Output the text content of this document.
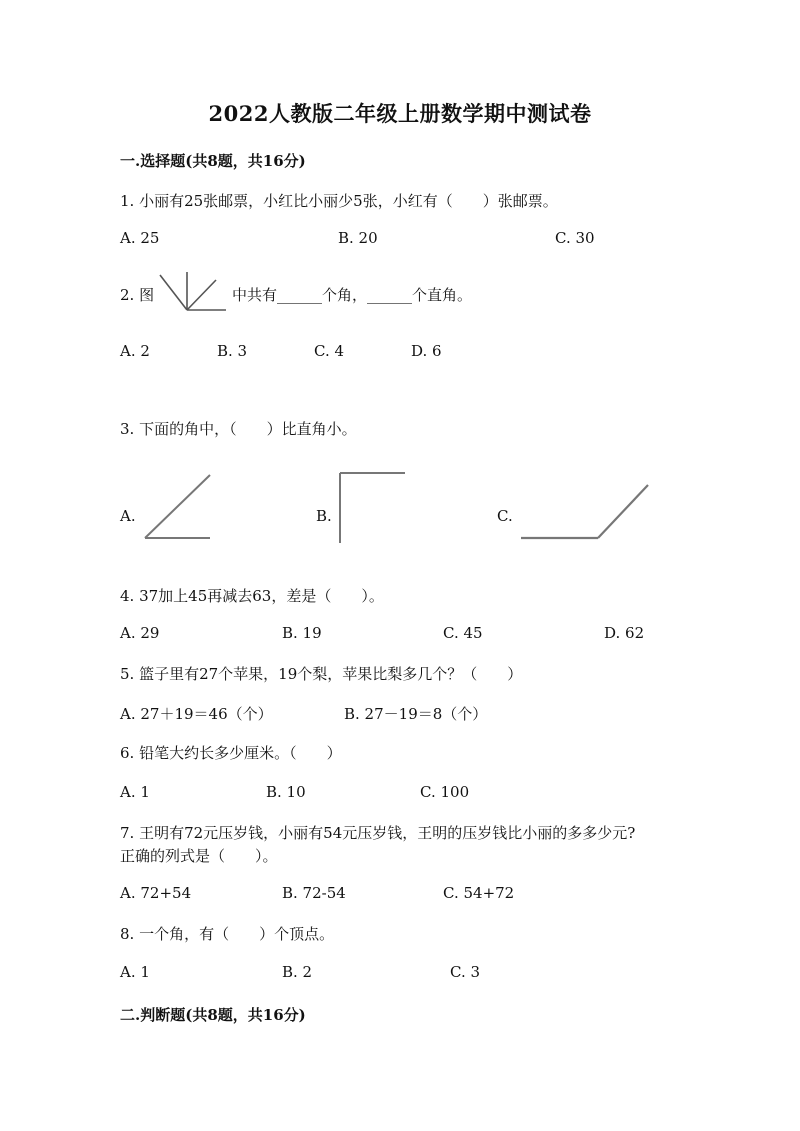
2022人教版二年级上册数学期中测试卷
一.选择题(共8题，共16分)
1. 小丽有25张邮票，小红比小丽少5张，小红有（　　）张邮票。
A. 25	B. 20	C. 30
2. 图	中共有______个角，______个直角。
A. 2	B. 3	C. 4	D. 6
3. 下面的角中，（　　）比直角小。
A.	B.	C.
4. 37加上45再减去63，差是（　　）。
A. 29	B. 19	C. 45	D. 62
5. 篮子里有27个苹果，19个梨，苹果比梨多几个？（　　）
A. 27＋19＝46（个）	B. 27－19＝8（个）
6. 铅笔大约长多少厘米。（　　）
A. 1	B. 10	C. 100
7. 王明有72元压岁钱，小丽有54元压岁钱，王明的压岁钱比小丽的多多少元?
正确的列式是（　　）。
A. 72+54	B. 72-54	C. 54+72
8. 一个角，有（　　）个顶点。
A. 1	B. 2	C. 3
二.判断题(共8题，共16分)
